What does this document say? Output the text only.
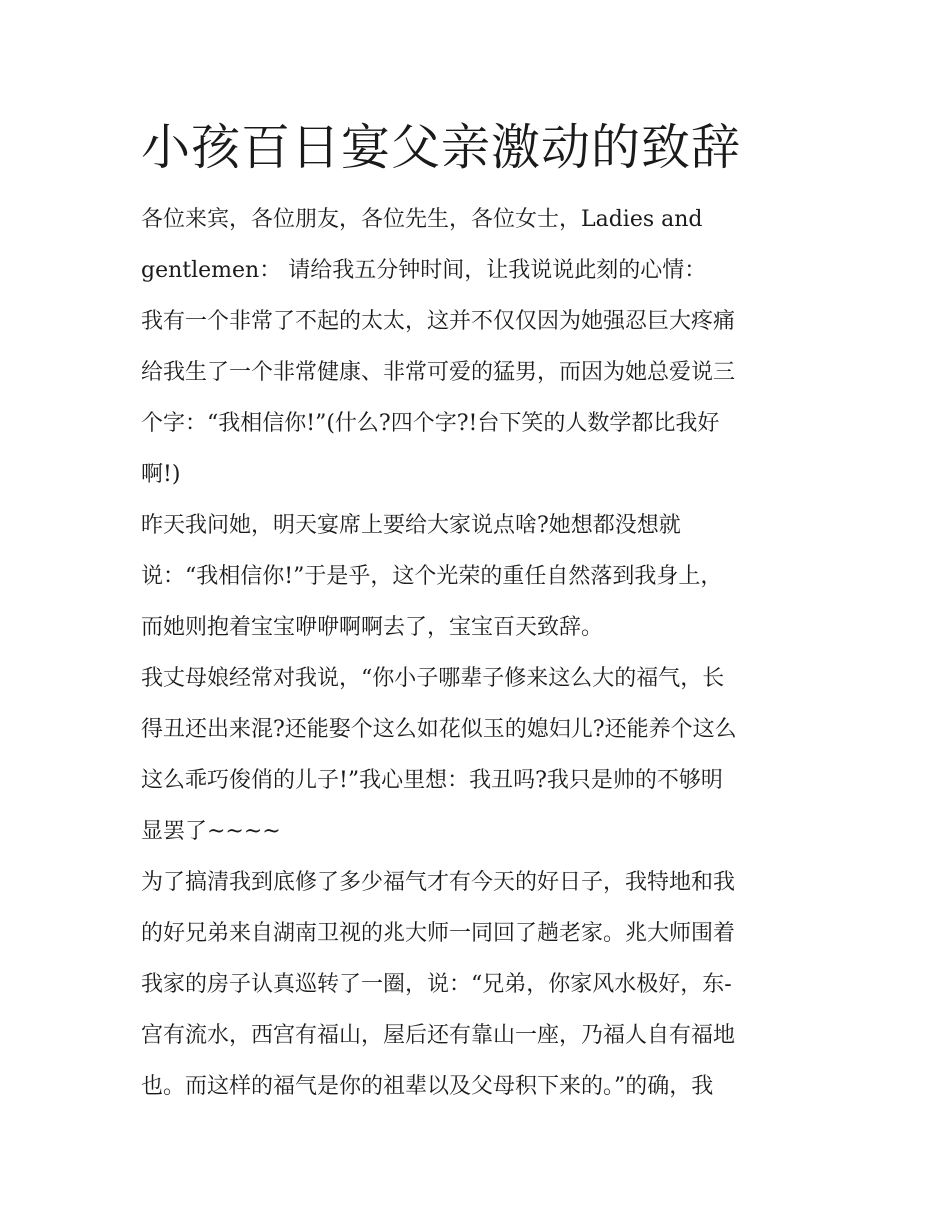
小孩百日宴父亲激动的致辞

各位来宾，各位朋友，各位先生，各位女士，Ladies and
gentlemen： 请给我五分钟时间，让我说说此刻的心情：

我有一个非常了不起的太太，这并不仅仅因为她强忍巨大疼痛
给我生了一个非常健康、非常可爱的猛男，而因为她总爱说三
个字：“我相信你!”(什么?四个字?!台下笑的人数学都比我好
啊!)

昨天我问她，明天宴席上要给大家说点啥?她想都没想就
说：“我相信你!”于是乎，这个光荣的重任自然落到我身上，
而她则抱着宝宝咿咿啊啊去了，宝宝百天致辞。

我丈母娘经常对我说，“你小子哪辈子修来这么大的福气，长
得丑还出来混?还能娶个这么如花似玉的媳妇儿?还能养个这么
这么乖巧俊俏的儿子!”我心里想：我丑吗?我只是帅的不够明
显罢了~~~~

为了搞清我到底修了多少福气才有今天的好日子，我特地和我
的好兄弟来自湖南卫视的兆大师一同回了趟老家。兆大师围着
我家的房子认真巡转了一圈，说：“兄弟，你家风水极好，东-
宫有流水，西宫有福山，屋后还有靠山一座，乃福人自有福地
也。而这样的福气是你的祖辈以及父母积下来的。”的确，我
